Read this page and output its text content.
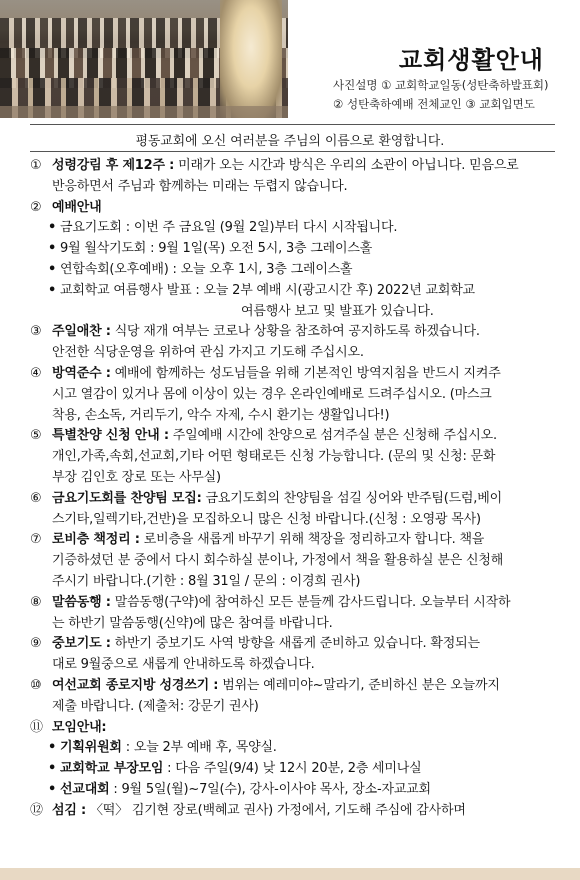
교회생활안내
사진설명 ① 교회학교일동(성탄축하발표회)
② 성탄축하예배 전체교인 ③ 교회입면도
평동교회에 오신 여러분을 주님의 이름으로 환영합니다.
① 성령강림 후 제12주 : 미래가 오는 시간과 방식은 우리의 소관이 아닙니다. 믿음으로
반응하면서 주님과 함께하는 미래는 두렵지 않습니다.
② 예배안내
• 금요기도회 : 이번 주 금요일 (9월 2일)부터 다시 시작됩니다.
• 9월 월삭기도회 : 9월 1일(목) 오전 5시, 3층 그레이스홀
• 연합속회(오후예배) : 오늘 오후 1시, 3층 그레이스홀
• 교회학교 여름행사 발표 : 오늘 2부 예배 시(광고시간 후) 2022년 교회학교
여름행사 보고 및 발표가 있습니다.
③ 주일애찬 : 식당 재개 여부는 코로나 상황을 참조하여 공지하도록 하겠습니다.
안전한 식당운영을 위하여 관심 가지고 기도해 주십시오.
④ 방역준수 : 예배에 함께하는 성도님들을 위해 기본적인 방역지침을 반드시 지켜주
시고 열감이 있거나 몸에 이상이 있는 경우 온라인예배로 드려주십시오. (마스크
착용, 손소독, 거리두기, 악수 자제, 수시 환기는 생활입니다!)
⑤ 특별찬양 신청 안내 : 주일예배 시간에 찬양으로 섬겨주실 분은 신청해 주십시오.
개인,가족,속회,선교회,기타 어떤 형태로든 신청 가능합니다. (문의 및 신청: 문화
부장 김인호 장로 또는 사무실)
⑥ 금요기도회를 찬양팀 모집: 금요기도회의 찬양팀을 섬길 싱어와 반주팀(드럼,베이
스기타,일렉기타,건반)을 모집하오니 많은 신청 바랍니다.(신청 : 오영광 목사)
⑦ 로비층 책정리 : 로비층을 새롭게 바꾸기 위해 책장을 정리하고자 합니다. 책을
기증하셨던 분 중에서 다시 회수하실 분이나, 가정에서 책을 활용하실 분은 신청해
주시기 바랍니다.(기한 : 8월 31일 / 문의 : 이경희 권사)
⑧ 말씀동행 : 말씀동행(구약)에 참여하신 모든 분들께 감사드립니다. 오늘부터 시작하
는 하반기 말씀동행(신약)에 많은 참여를 바랍니다.
⑨ 중보기도 : 하반기 중보기도 사역 방향을 새롭게 준비하고 있습니다. 확정되는
대로 9월중으로 새롭게 안내하도록 하겠습니다.
⑩ 여선교회 종로지방 성경쓰기 : 범위는 예레미야~말라기, 준비하신 분은 오늘까지
제출 바랍니다. (제출처: 강문기 권사)
⑪ 모임안내:
• 기획위원회 : 오늘 2부 예배 후, 목양실.
• 교회학교 부장모임 : 다음 주일(9/4) 낮 12시 20분, 2층 세미나실
• 선교대회 : 9월 5일(월)~7일(수), 강사-이사야 목사, 장소-자교교회
⑫ 섬김 : 〈떡〉 김기현 장로(백혜교 권사) 가정에서, 기도해 주심에 감사하며
